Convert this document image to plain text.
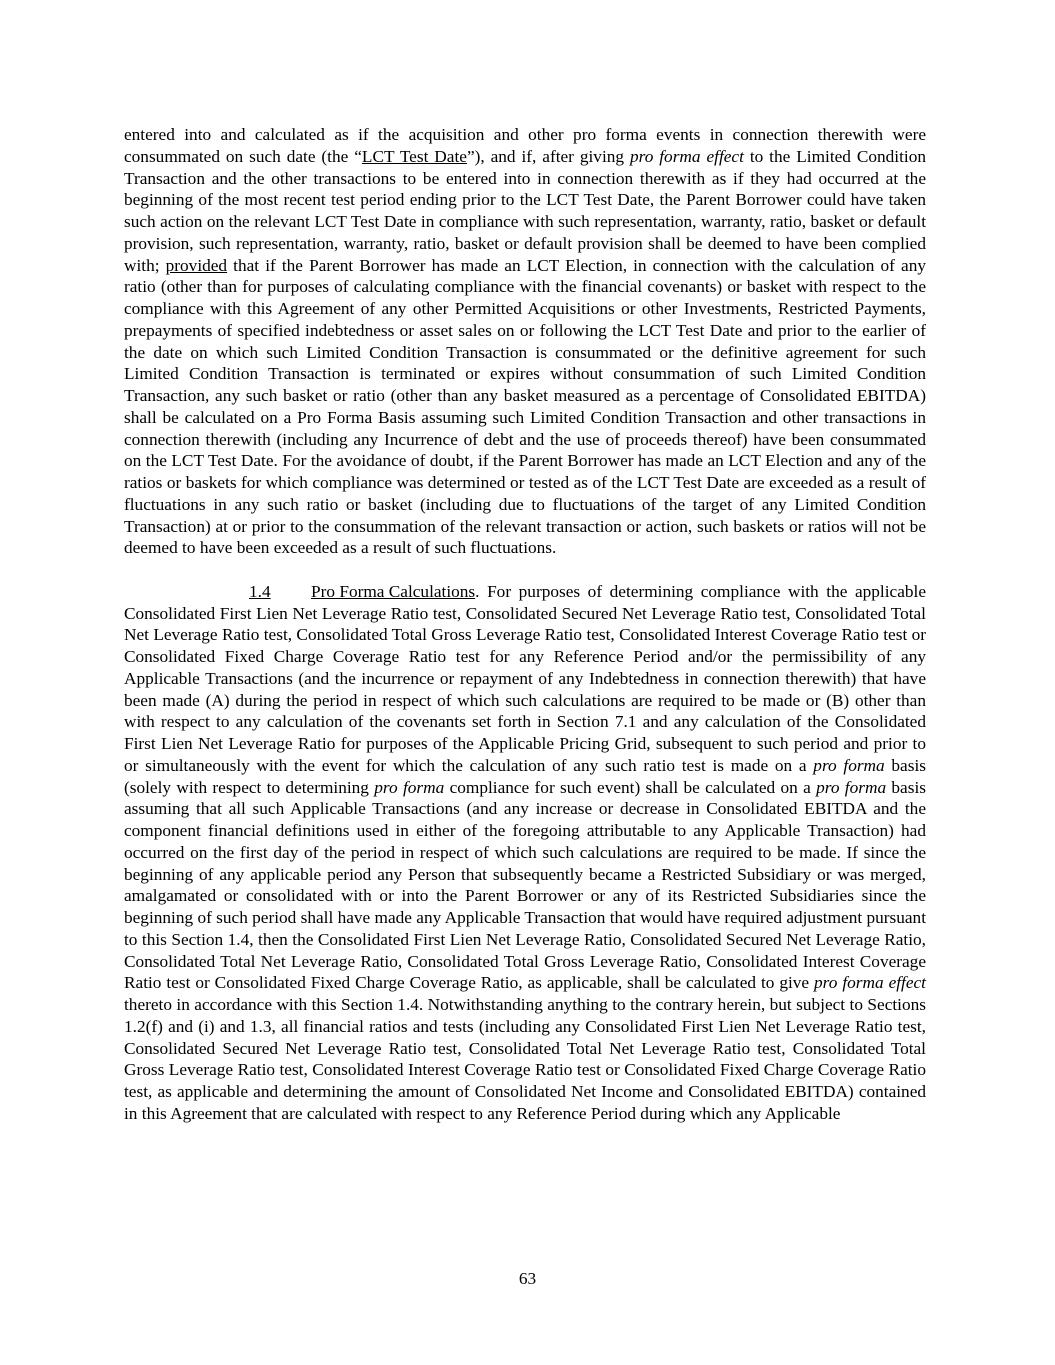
entered into and calculated as if the acquisition and other pro forma events in connection therewith were consummated on such date (the “LCT Test Date”), and if, after giving pro forma effect to the Limited Condition Transaction and the other transactions to be entered into in connection therewith as if they had occurred at the beginning of the most recent test period ending prior to the LCT Test Date, the Parent Borrower could have taken such action on the relevant LCT Test Date in compliance with such representation, warranty, ratio, basket or default provision, such representation, warranty, ratio, basket or default provision shall be deemed to have been complied with; provided that if the Parent Borrower has made an LCT Election, in connection with the calculation of any ratio (other than for purposes of calculating compliance with the financial covenants) or basket with respect to the compliance with this Agreement of any other Permitted Acquisitions or other Investments, Restricted Payments, prepayments of specified indebtedness or asset sales on or following the LCT Test Date and prior to the earlier of the date on which such Limited Condition Transaction is consummated or the definitive agreement for such Limited Condition Transaction is terminated or expires without consummation of such Limited Condition Transaction, any such basket or ratio (other than any basket measured as a percentage of Consolidated EBITDA) shall be calculated on a Pro Forma Basis assuming such Limited Condition Transaction and other transactions in connection therewith (including any Incurrence of debt and the use of proceeds thereof) have been consummated on the LCT Test Date. For the avoidance of doubt, if the Parent Borrower has made an LCT Election and any of the ratios or baskets for which compliance was determined or tested as of the LCT Test Date are exceeded as a result of fluctuations in any such ratio or basket (including due to fluctuations of the target of any Limited Condition Transaction) at or prior to the consummation of the relevant transaction or action, such baskets or ratios will not be deemed to have been exceeded as a result of such fluctuations.

1.4 Pro Forma Calculations. For purposes of determining compliance with the applicable Consolidated First Lien Net Leverage Ratio test, Consolidated Secured Net Leverage Ratio test, Consolidated Total Net Leverage Ratio test, Consolidated Total Gross Leverage Ratio test, Consolidated Interest Coverage Ratio test or Consolidated Fixed Charge Coverage Ratio test for any Reference Period and/or the permissibility of any Applicable Transactions (and the incurrence or repayment of any Indebtedness in connection therewith) that have been made (A) during the period in respect of which such calculations are required to be made or (B) other than with respect to any calculation of the covenants set forth in Section 7.1 and any calculation of the Consolidated First Lien Net Leverage Ratio for purposes of the Applicable Pricing Grid, subsequent to such period and prior to or simultaneously with the event for which the calculation of any such ratio test is made on a pro forma basis (solely with respect to determining pro forma compliance for such event) shall be calculated on a pro forma basis assuming that all such Applicable Transactions (and any increase or decrease in Consolidated EBITDA and the component financial definitions used in either of the foregoing attributable to any Applicable Transaction) had occurred on the first day of the period in respect of which such calculations are required to be made. If since the beginning of any applicable period any Person that subsequently became a Restricted Subsidiary or was merged, amalgamated or consolidated with or into the Parent Borrower or any of its Restricted Subsidiaries since the beginning of such period shall have made any Applicable Transaction that would have required adjustment pursuant to this Section 1.4, then the Consolidated First Lien Net Leverage Ratio, Consolidated Secured Net Leverage Ratio, Consolidated Total Net Leverage Ratio, Consolidated Total Gross Leverage Ratio, Consolidated Interest Coverage Ratio test or Consolidated Fixed Charge Coverage Ratio, as applicable, shall be calculated to give pro forma effect thereto in accordance with this Section 1.4. Notwithstanding anything to the contrary herein, but subject to Sections 1.2(f) and (i) and 1.3, all financial ratios and tests (including any Consolidated First Lien Net Leverage Ratio test, Consolidated Secured Net Leverage Ratio test, Consolidated Total Net Leverage Ratio test, Consolidated Total Gross Leverage Ratio test, Consolidated Interest Coverage Ratio test or Consolidated Fixed Charge Coverage Ratio test, as applicable and determining the amount of Consolidated Net Income and Consolidated EBITDA) contained in this Agreement that are calculated with respect to any Reference Period during which any Applicable

63
